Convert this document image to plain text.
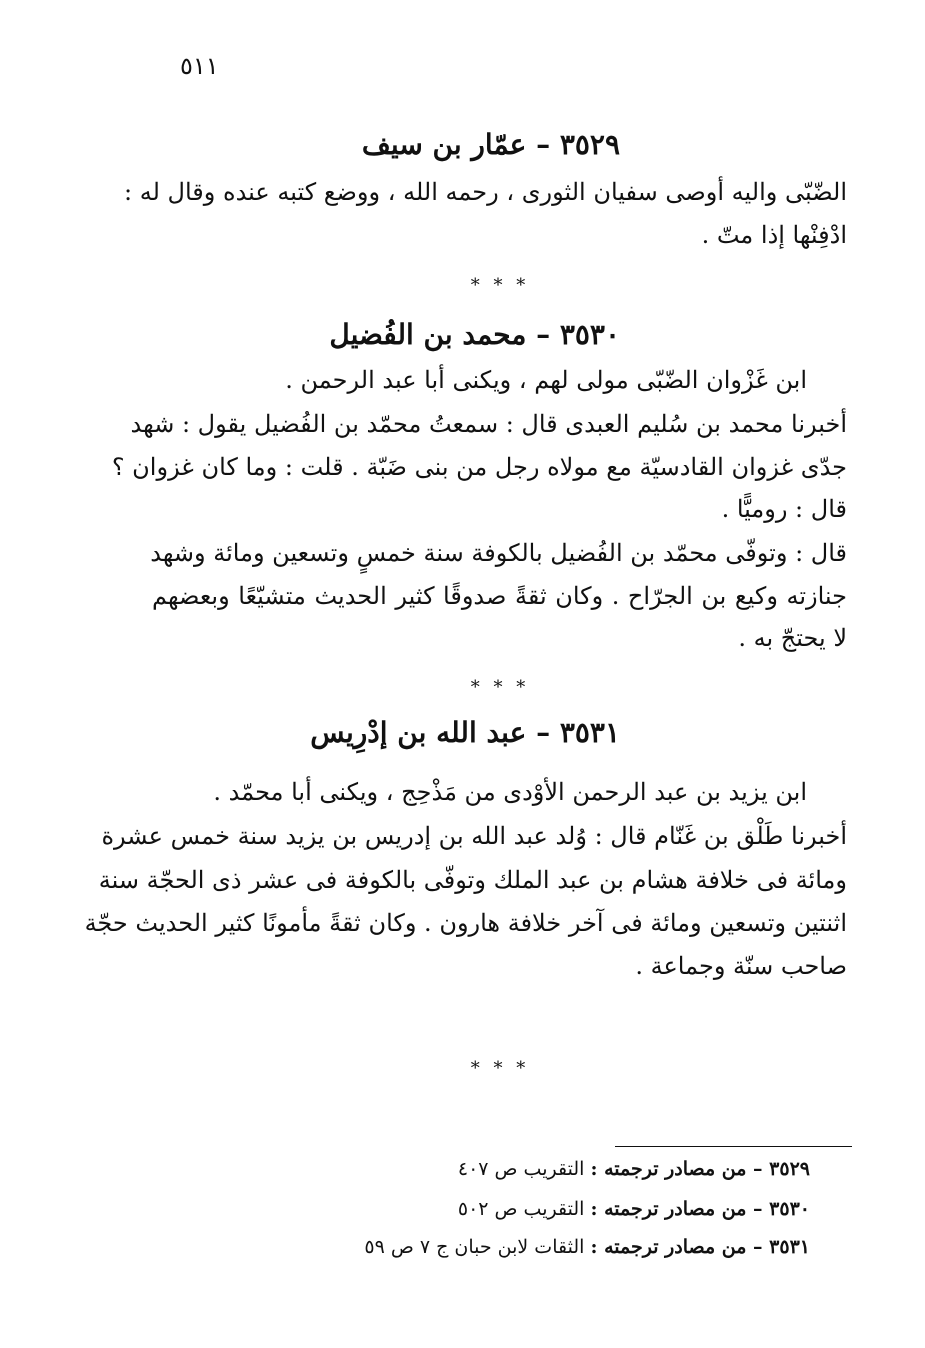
٥١١
٣٥٢٩ – عمّار بن سيف
الضّبّى واليه أوصى سفيان الثورى ، رحمه الله ، ووضع كتبه عنده وقال له :
ادْفِنْها إذا متّ .
* * *
٣٥٣٠ – محمد بن الفُضيل
ابن غَزْوان الضّبّى مولى لهم ، ويكنى أبا عبد الرحمن .
أخبرنا محمد بن سُليم العبدى قال : سمعتُ محمّد بن الفُضيل يقول : شهد
جدّى غزوان القادسيّة مع مولاه رجل من بنى ضَبّة . قلت : وما كان غزوان ؟
قال : روميًّا .
قال : وتوفّى محمّد بن الفُضيل بالكوفة سنة خمسٍ وتسعين ومائة وشهد
جنازته وكيع بن الجرّاح . وكان ثقةً صدوقًا كثير الحديث متشيّعًا وبعضهم
لا يحتجّ به .
* * *
٣٥٣١ – عبد الله بن إدْرِيس
ابن يزيد بن عبد الرحمن الأوْدى من مَذْحِج ، ويكنى أبا محمّد .
أخبرنا طَلْق بن غَنّام قال : وُلد عبد الله بن إدريس بن يزيد سنة خمس عشرة
ومائة فى خلافة هشام بن عبد الملك وتوفّى بالكوفة فى عشر ذى الحجّة سنة
اثنتين وتسعين ومائة فى آخر خلافة هارون . وكان ثقةً مأمونًا كثير الحديث حجّة
صاحب سنّة وجماعة .
* * *
٣٥٢٩ – من مصادر ترجمته : التقريب ص ٤٠٧
٣٥٣٠ – من مصادر ترجمته : التقريب ص ٥٠٢
٣٥٣١ – من مصادر ترجمته : الثقات لابن حبان ج ٧ ص ٥٩
